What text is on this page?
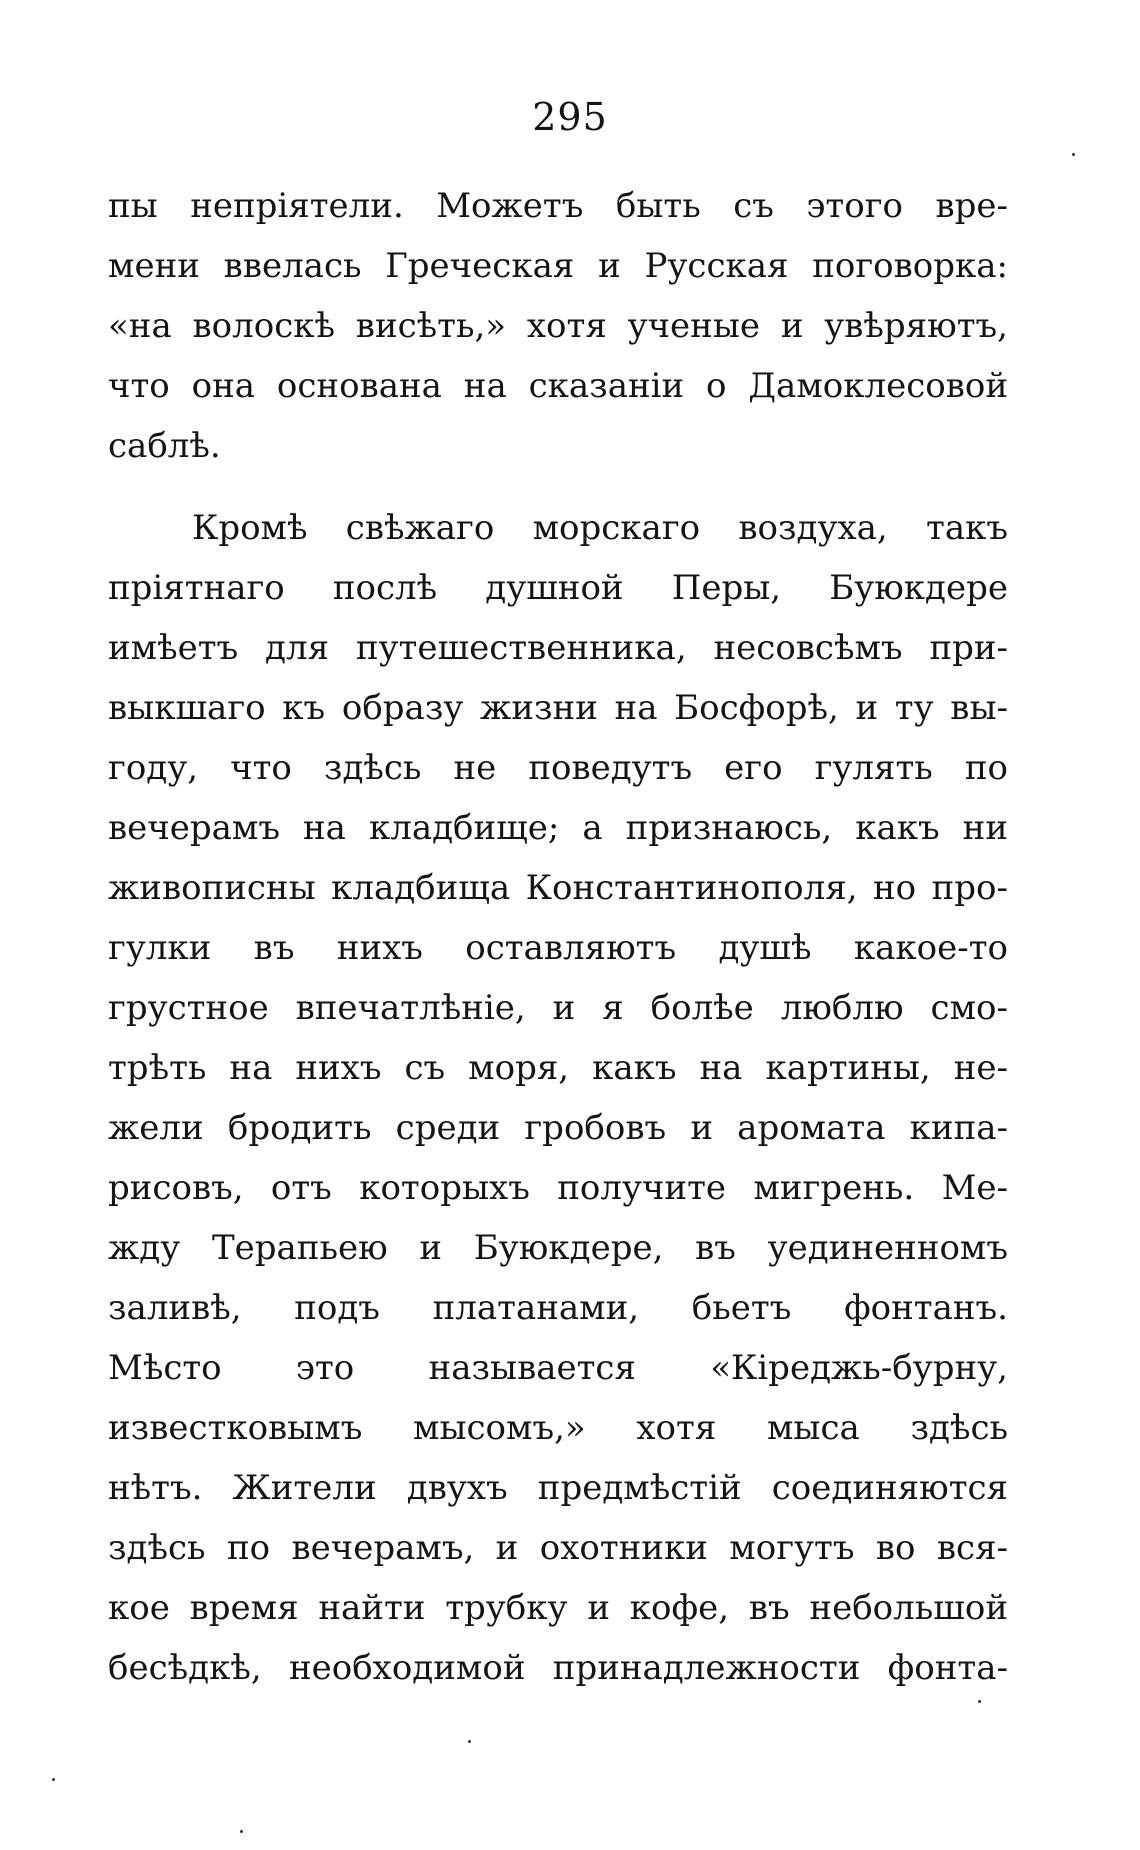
295
пы непріятели. Можетъ быть съ этого вре-
мени ввелась Греческая и Русская поговорка:
«на волоскѣ висѣть,» хотя ученые и увѣряютъ,
что она основана на сказаніи о Дамоклесовой
саблѣ.
Кромѣ свѣжаго морскаго воздуха, такъ
пріятнаго послѣ душной Перы, Буюкдере
имѣетъ для путешественника, несовсѣмъ при-
выкшаго къ образу жизни на Босфорѣ, и ту вы-
году, что здѣсь не поведутъ его гулять по
вечерамъ на кладбище; а признаюсь, какъ ни
живописны кладбища Константинополя, но про-
гулки въ нихъ оставляютъ душѣ какое-то
грустное впечатлѣніе, и я болѣе люблю смо-
трѣть на нихъ съ моря, какъ на картины, не-
жели бродить среди гробовъ и аромата кипа-
рисовъ, отъ которыхъ получите мигрень. Ме-
жду Терапьею и Буюкдере, въ уединенномъ
заливѣ, подъ платанами, бьетъ фонтанъ.
Мѣсто это называется «Кіреджь-бурну,
известковымъ мысомъ,» хотя мыса здѣсь
нѣтъ. Жители двухъ предмѣстій соединяются
здѣсь по вечерамъ, и охотники могутъ во вся-
кое время найти трубку и кофе, въ небольшой
бесѣдкѣ, необходимой принадлежности фонта-
